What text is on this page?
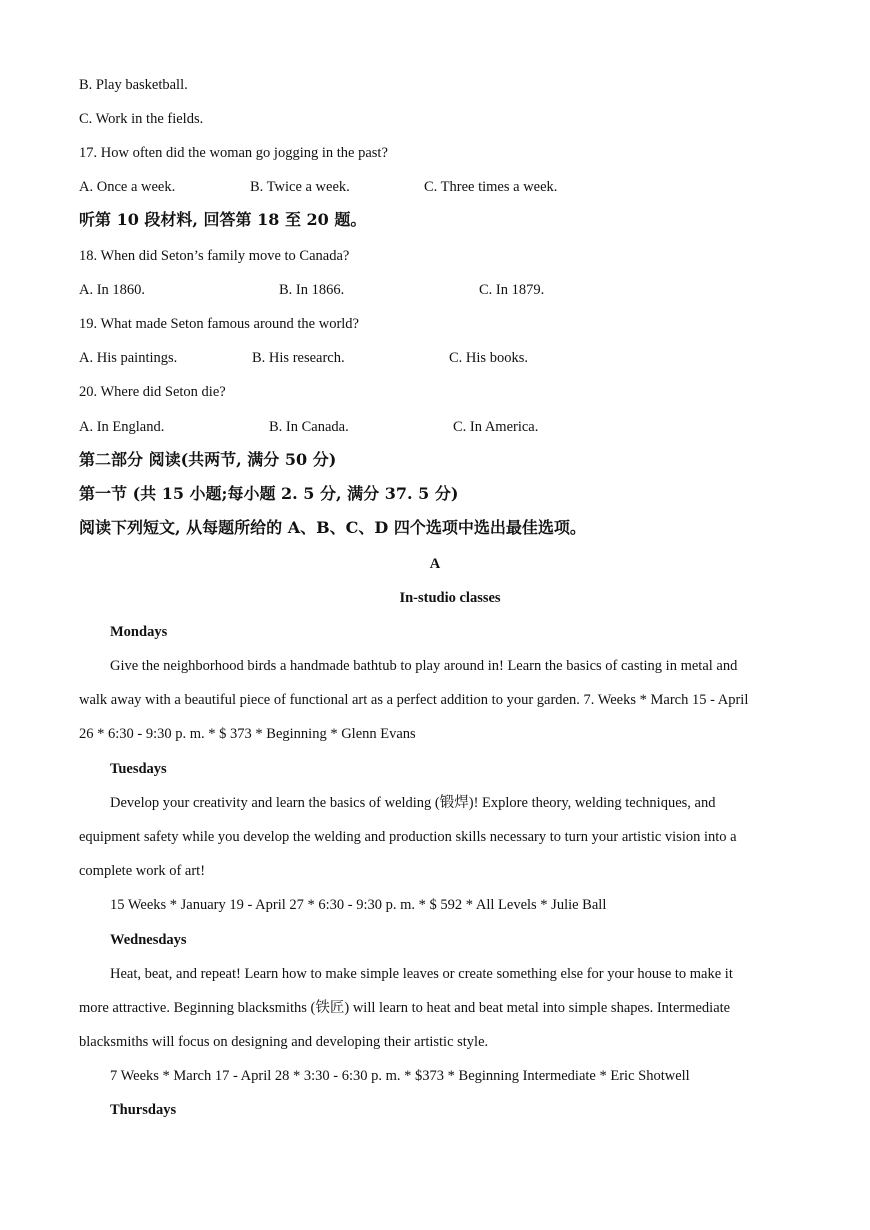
B. Play basketball.
C. Work in the fields.
17. How often did the woman go jogging in the past?
A. Once a week.	B. Twice a week.	C. Three times a week.
听第 10 段材料, 回答第 18 至 20 题。
18. When did Seton’s family move to Canada?
A. In 1860.	B. In 1866.	C. In 1879.
19. What made Seton famous around the world?
A. His paintings.	B. His research.	C. His books.
20. Where did Seton die?
A. In England.	B. In Canada.	C. In America.
第二部分 阅读(共两节, 满分 50 分)
第一节 (共 15 小题;每小题 2. 5 分, 满分 37. 5 分)
阅读下列短文, 从每题所给的 A、B、C、D 四个选项中选出最佳选项。
A
In-studio classes
Mondays
Give the neighborhood birds a handmade bathtub to play around in! Learn the basics of casting in metal and
walk away with a beautiful piece of functional art as a perfect addition to your garden. 7. Weeks * March 15 - April
26 * 6:30 - 9:30 p. m. * $ 373 * Beginning * Glenn Evans
Tuesdays
Develop your creativity and learn the basics of welding (锻焊)! Explore theory, welding techniques, and
equipment safety while you develop the welding and production skills necessary to turn your artistic vision into a
complete work of art!
15 Weeks * January 19 - April 27 * 6:30 - 9:30 p. m. * $ 592 * All Levels * Julie Ball
Wednesdays
Heat, beat, and repeat! Learn how to make simple leaves or create something else for your house to make it
more attractive. Beginning blacksmiths (铁匠) will learn to heat and beat metal into simple shapes. Intermediate
blacksmiths will focus on designing and developing their artistic style.
7 Weeks * March 17 - April 28 * 3:30 - 6:30 p. m. * $373 * Beginning Intermediate * Eric Shotwell
Thursdays
